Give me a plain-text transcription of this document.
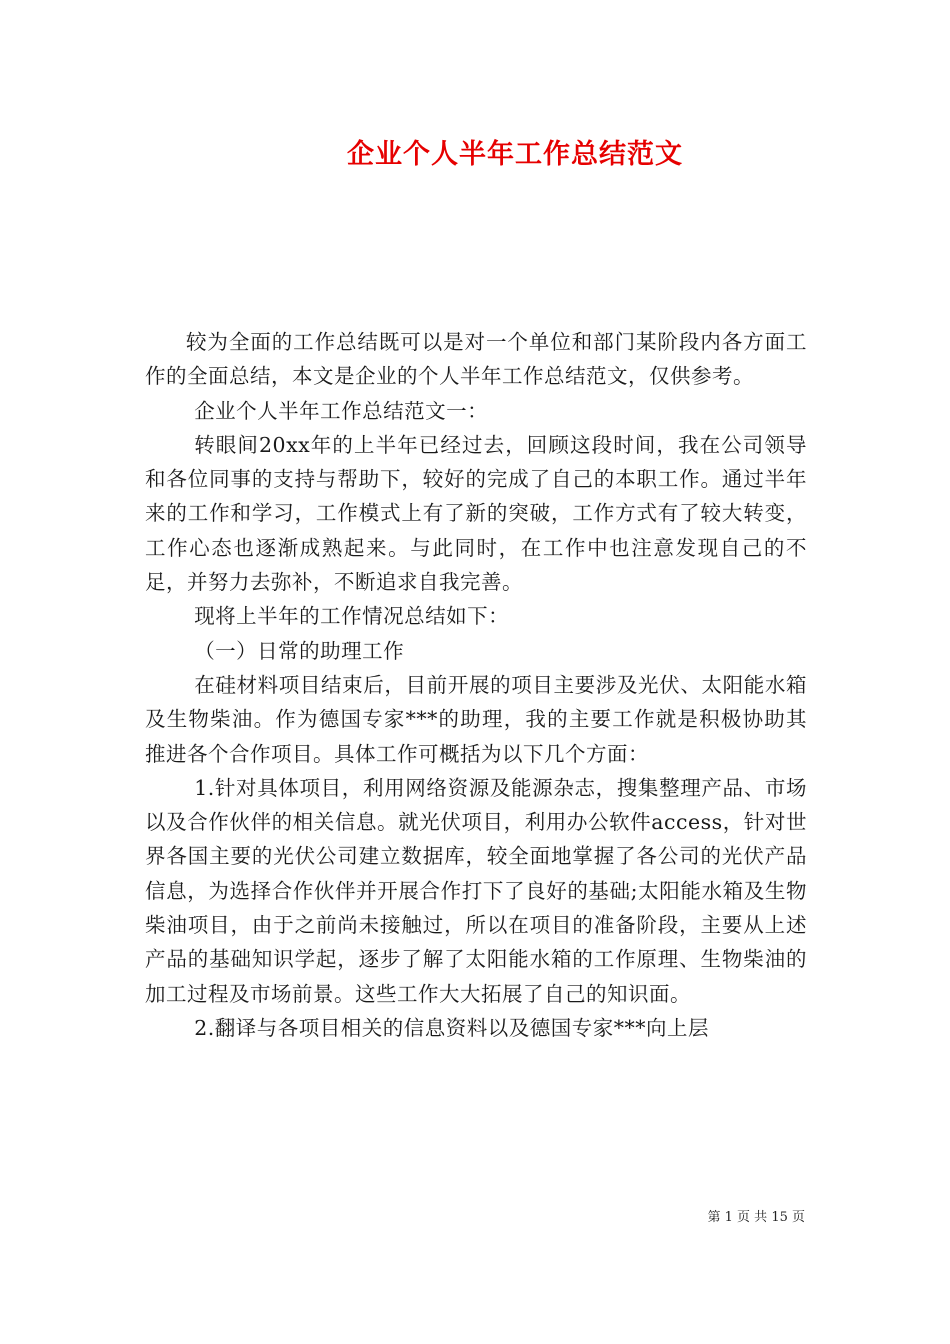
企业个人半年工作总结范文

较为全面的工作总结既可以是对一个单位和部门某阶段内各方面工作的全面总结，本文是企业的个人半年工作总结范文，仅供参考。

企业个人半年工作总结范文一：

转眼间20xx年的上半年已经过去，回顾这段时间，我在公司领导和各位同事的支持与帮助下，较好的完成了自己的本职工作。通过半年来的工作和学习，工作模式上有了新的突破，工作方式有了较大转变，工作心态也逐渐成熟起来。与此同时，在工作中也注意发现自己的不足，并努力去弥补，不断追求自我完善。

现将上半年的工作情况总结如下：

（一）日常的助理工作

在硅材料项目结束后，目前开展的项目主要涉及光伏、太阳能水箱及生物柴油。作为德国专家***的助理，我的主要工作就是积极协助其推进各个合作项目。具体工作可概括为以下几个方面：

1.针对具体项目，利用网络资源及能源杂志，搜集整理产品、市场以及合作伙伴的相关信息。就光伏项目，利用办公软件access，针对世界各国主要的光伏公司建立数据库，较全面地掌握了各公司的光伏产品信息，为选择合作伙伴并开展合作打下了良好的基础;太阳能水箱及生物柴油项目，由于之前尚未接触过，所以在项目的准备阶段，主要从上述产品的基础知识学起，逐步了解了太阳能水箱的工作原理、生物柴油的加工过程及市场前景。这些工作大大拓展了自己的知识面。

2.翻译与各项目相关的信息资料以及德国专家***向上层

第 1 页 共 15 页
